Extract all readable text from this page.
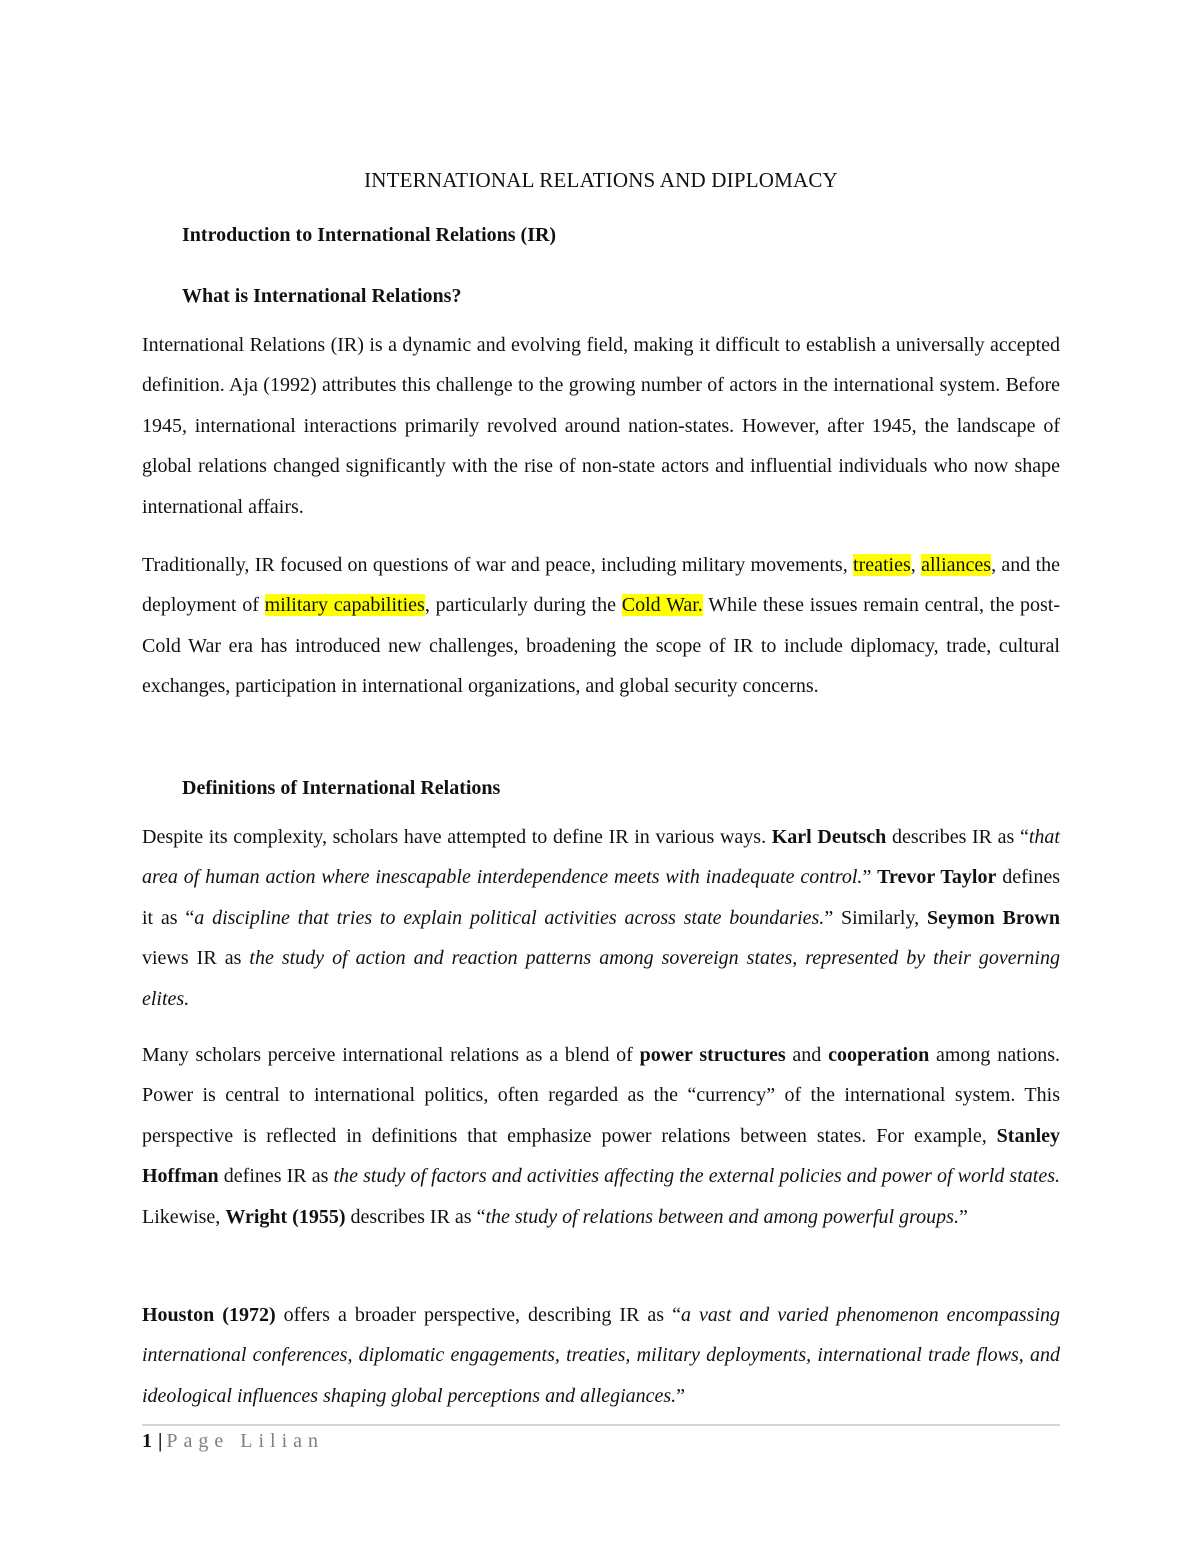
INTERNATIONAL RELATIONS AND DIPLOMACY
Introduction to International Relations (IR)
What is International Relations?

International Relations (IR) is a dynamic and evolving field, making it difficult to establish a universally accepted definition. Aja (1992) attributes this challenge to the growing number of actors in the international system. Before 1945, international interactions primarily revolved around nation-states. However, after 1945, the landscape of global relations changed significantly with the rise of non-state actors and influential individuals who now shape international affairs.

Traditionally, IR focused on questions of war and peace, including military movements, treaties, alliances, and the deployment of military capabilities, particularly during the Cold War. While these issues remain central, the post-Cold War era has introduced new challenges, broadening the scope of IR to include diplomacy, trade, cultural exchanges, participation in international organizations, and global security concerns.

Definitions of International Relations

Despite its complexity, scholars have attempted to define IR in various ways. Karl Deutsch describes IR as “that area of human action where inescapable interdependence meets with inadequate control.” Trevor Taylor defines it as “a discipline that tries to explain political activities across state boundaries.” Similarly, Seymon Brown views IR as the study of action and reaction patterns among sovereign states, represented by their governing elites.

Many scholars perceive international relations as a blend of power structures and cooperation among nations. Power is central to international politics, often regarded as the “currency” of the international system. This perspective is reflected in definitions that emphasize power relations between states. For example, Stanley Hoffman defines IR as the study of factors and activities affecting the external policies and power of world states. Likewise, Wright (1955) describes IR as “the study of relations between and among powerful groups.”

Houston (1972) offers a broader perspective, describing IR as “a vast and varied phenomenon encompassing international conferences, diplomatic engagements, treaties, military deployments, international trade flows, and ideological influences shaping global perceptions and allegiances.”

1 | Page Lilian
